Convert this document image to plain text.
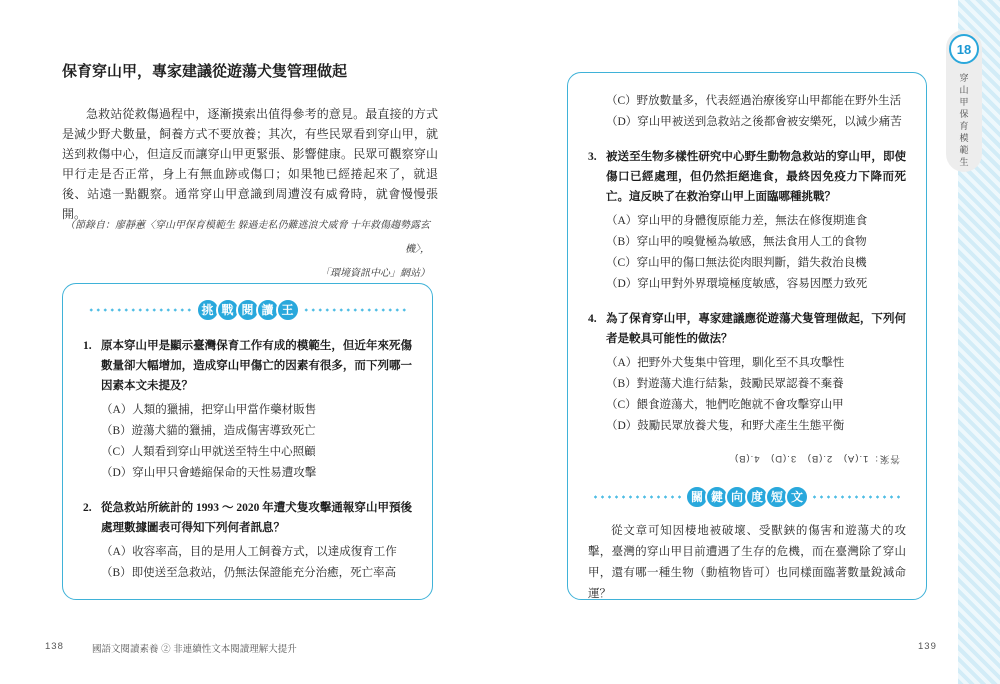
18
穿山甲保育模範生
保育穿山甲，專家建議從遊蕩犬隻管理做起
急救站從救傷過程中，逐漸摸索出值得參考的意見。最直接的方式是減少野犬數量，飼養方式不要放養；其次，有些民眾看到穿山甲，就送到救傷中心，但這反而讓穿山甲更緊張、影響健康。民眾可觀察穿山甲行走是否正常，身上有無血跡或傷口；如果牠已經捲起來了，就退後、站遠一點觀察。通常穿山甲意識到周遭沒有威脅時，就會慢慢張開。
（節錄自：廖靜蕙〈穿山甲保育模範生 躲過走私仍難逃浪犬威脅 十年救傷趨勢露玄機〉，
「環境資訊中心」網站）
挑 戰 閱 讀 王
1. 原本穿山甲是顯示臺灣保育工作有成的模範生，但近年來死傷數量卻大幅增加，造成穿山甲傷亡的因素有很多，而下列哪一因素本文未提及？
（A）人類的獵捕，把穿山甲當作藥材販售
（B）遊蕩犬貓的獵捕，造成傷害導致死亡
（C）人類看到穿山甲就送至特生中心照顧
（D）穿山甲只會蜷縮保命的天性易遭攻擊
2. 從急救站所統計的 1993 ～ 2020 年遭犬隻攻擊通報穿山甲預後處理數據圖表可得知下列何者訊息？
（A）收容率高，目的是用人工飼養方式，以達成復育工作
（B）即使送至急救站，仍無法保證能充分治癒，死亡率高
（C）野放數量多，代表經過治療後穿山甲都能在野外生活
（D）穿山甲被送到急救站之後都會被安樂死，以減少痛苦
3. 被送至生物多樣性研究中心野生動物急救站的穿山甲，即使傷口已經處理，但仍然拒絕進食，最終因免疫力下降而死亡。這反映了在救治穿山甲上面臨哪種挑戰？
（A）穿山甲的身體復原能力差，無法在修復期進食
（B）穿山甲的嗅覺極為敏感，無法食用人工的食物
（C）穿山甲的傷口無法從肉眼判斷，錯失救治良機
（D）穿山甲對外界環境極度敏感，容易因壓力致死
4. 為了保育穿山甲，專家建議應從遊蕩犬隻管理做起，下列何者是較具可能性的做法？
（A）把野外犬隻集中管理，馴化至不具攻擊性
（B）對遊蕩犬進行結紮，鼓勵民眾認養不棄養
（C）餵食遊蕩犬，牠們吃飽就不會攻擊穿山甲
（D）鼓勵民眾放養犬隻，和野犬產生生態平衡
答案：1.(A)　2.(B)　3.(D)　4.(B)
關 鍵 向 度 短 文
從文章可知因棲地被破壞、受獸鋏的傷害和遊蕩犬的攻擊，臺灣的穿山甲目前遭遇了生存的危機，而在臺灣除了穿山甲，還有哪一種生物（動植物皆可）也同樣面臨著數量銳減命運？
138	國語文閱讀素養 ② 非連續性文本閱讀理解大提升	139
